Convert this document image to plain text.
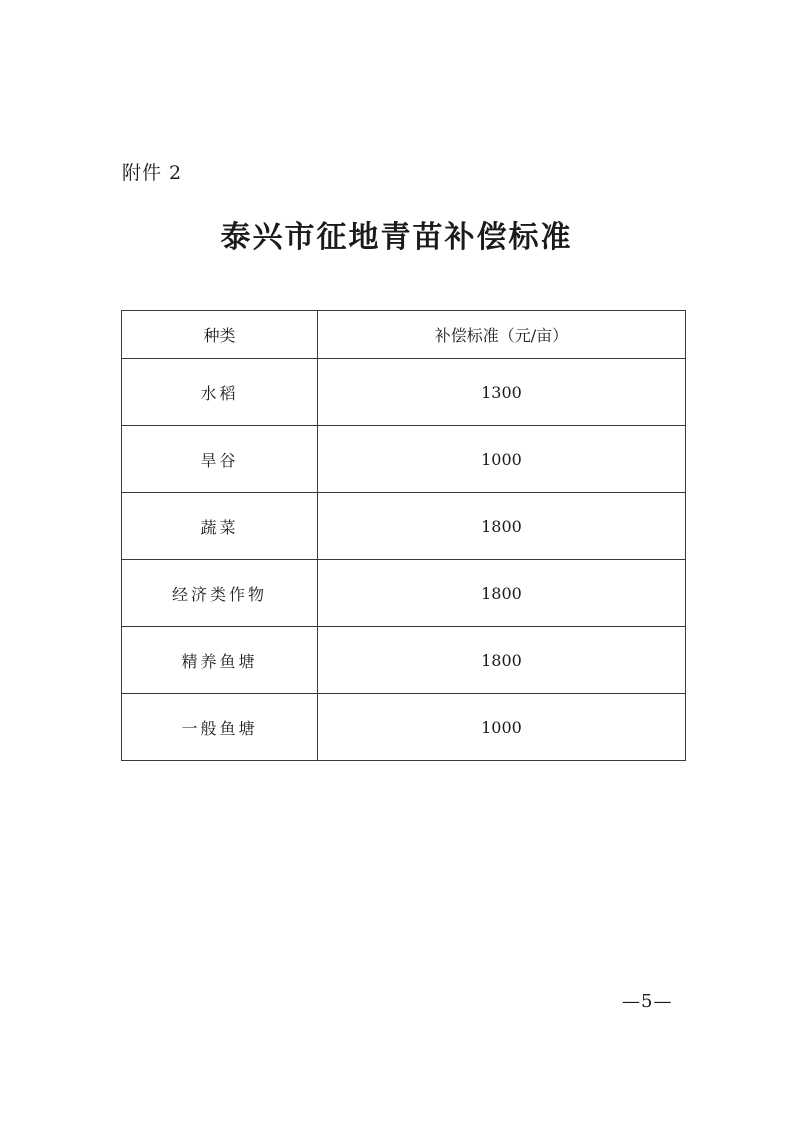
附件 2
泰兴市征地青苗补偿标准
种类	补偿标准（元/亩）
水稻	1300
旱谷	1000
蔬菜	1800
经济类作物	1800
精养鱼塘	1800
一般鱼塘	1000
—5—
